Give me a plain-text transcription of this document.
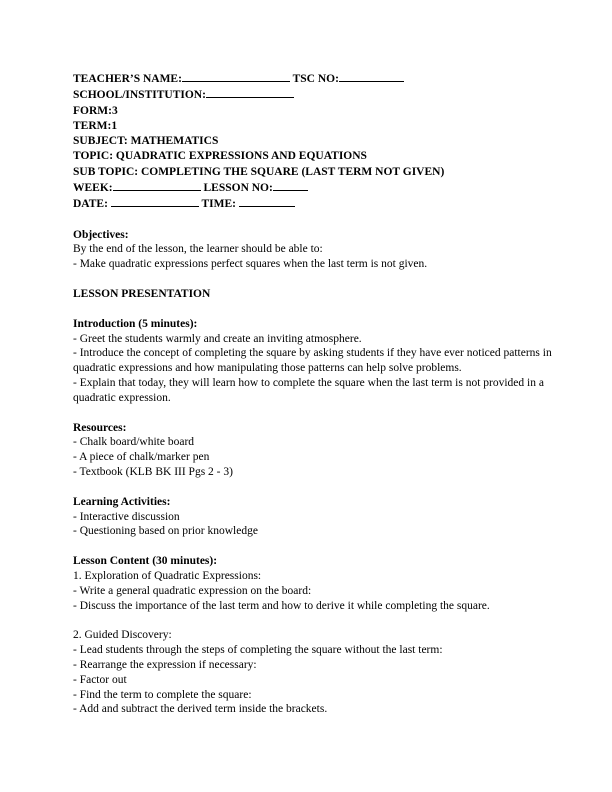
TEACHER’S NAME:	TSC NO:
SCHOOL/INSTITUTION:
FORM:3
TERM:1
SUBJECT: MATHEMATICS
TOPIC: QUADRATIC EXPRESSIONS AND EQUATIONS
SUB TOPIC: COMPLETING THE SQUARE (LAST TERM NOT GIVEN)
WEEK:	LESSON NO:
DATE:	TIME:
Objectives:
By the end of the lesson, the learner should be able to:
- Make quadratic expressions perfect squares when the last term is not given.
LESSON PRESENTATION
Introduction (5 minutes):
- Greet the students warmly and create an inviting atmosphere.
- Introduce the concept of completing the square by asking students if they have ever noticed patterns in quadratic expressions and how manipulating those patterns can help solve problems.
- Explain that today, they will learn how to complete the square when the last term is not provided in a quadratic expression.
Resources:
- Chalk board/white board
- A piece of chalk/marker pen
- Textbook (KLB BK III Pgs 2 - 3)
Learning Activities:
- Interactive discussion
- Questioning based on prior knowledge
Lesson Content (30 minutes):
1. Exploration of Quadratic Expressions:
- Write a general quadratic expression on the board:
- Discuss the importance of the last term and how to derive it while completing the square.
2. Guided Discovery:
- Lead students through the steps of completing the square without the last term:
- Rearrange the expression if necessary:
- Factor out
- Find the term to complete the square:
- Add and subtract the derived term inside the brackets.
